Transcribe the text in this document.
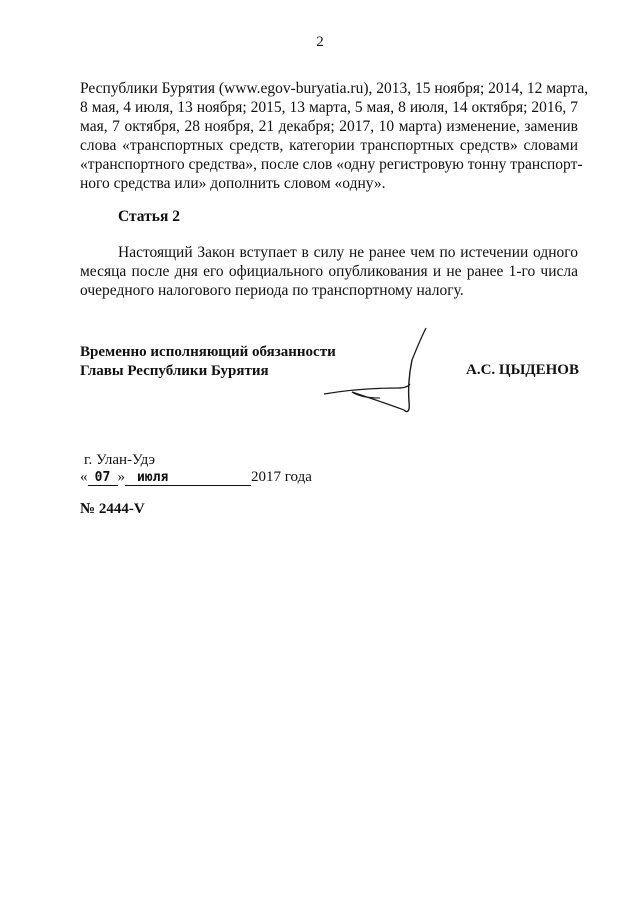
2
Республики Бурятия (www.egov-buryatia.ru), 2013, 15 ноября; 2014, 12 марта,
8 мая, 4 июля, 13 ноября; 2015, 13 марта, 5 мая, 8 июля, 14 октября; 2016, 7
мая, 7 октября, 28 ноября, 21 декабря; 2017, 10 марта) изменение, заменив
слова «транспортных средств, категории транспортных средств» словами
«транспортного средства», после слов «одну регистровую тонну транспорт-
ного средства или» дополнить словом «одну».
Статья 2
Настоящий Закон вступает в силу не ранее чем по истечении одного
месяца после дня его официального опубликования и не ранее 1-го числа
очередного налогового периода по транспортному налогу.
Временно исполняющий обязанности
Главы Республики Бурятия	А.С. ЦЫДЕНОВ
г. Улан-Удэ
« 07 » июля	2017 года
№ 2444-V
